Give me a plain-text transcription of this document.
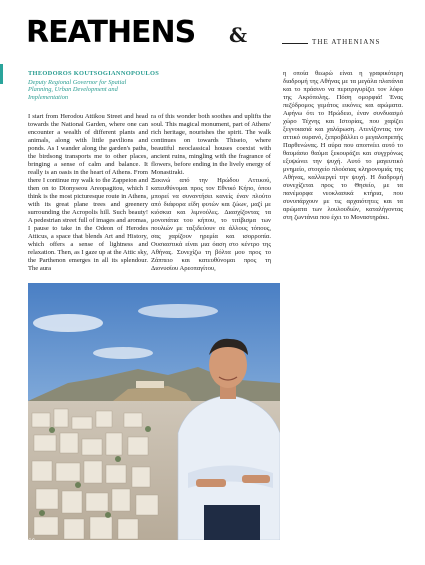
REATHENS &	THE ATHENIANS
THEODOROS KOUTSOGIANNOPOULOS
Deputy Regional Governor for Spatial Planning, Urban Development and Implementation
I start from Herodou Attikou Street and head towards the National Garden, where one can encounter a wealth of different plants and animals, along with little pavilions and ponds. As I wander along the garden's paths, the birdsong transports me to other places, bringing a sense of calm and balance. It really is an oasis in the heart of Athens. From there I continue my walk to the Zappeion and then on to Dionyseou Areopagitou, which I think is the most picturesque route in Athens, with its great plane trees and greenery surrounding the Acropolis hill. Such beauty! A pedestrian street full of images and aromas, I pause to take in the Odeon of Herodes Atticus, a space that blends Art and History, which offers a sense of lightness and relaxation. Then, as I gaze up at the Attic sky, the Parthenon emerges in all its splendour. The aura
ra of this wonder both soothes and uplifts the soul. This magical monument, part of Athens' rich heritage, nourishes the spirit. The walk continues on towards Thiseio, where beautiful neoclassical houses coexist with ancient ruins, mingling with the fragrance of flowers, before ending in the lively energy of Monastiraki.
Ξεκινώ από την Ηρώδου Αττικού, κατευθύνομαι προς τον Εθνικό Κήπο, όπου μπορεί να συναντήσει κανείς έναν πλούτο από διάφορα είδη φυτών και ζώων, μαζί με κιόσκια και λιμνούλες. Διασχίζοντας τα μονοπάτια του κήπου, το τιτίβισμα των πουλιών με ταξιδεύουν σε άλλους τόπους, σας χαρίζουν ηρεμία και ισορροπία. Ουσιαστικά είναι μια όαση στο κέντρο της Αθήνας. Συνεχίζω τη βόλτα μου προς το Ζάππειο και κατευθύνομαι προς τη Διονυσίου Αρεοπαγίτου,
η οποία θεωρώ είναι η γραφικότερη διαδρομή της Αθήνας με τα μεγάλα πλατάνια και το πράσινο να περιτριγυρίζει τον λόφο της Ακρόπολης. Πόση ομορφιά! Ένας πεζόδρομος γεμάτος εικόνες και αρώματα. Αφήνω ότι το Ηρώδειο, έναν συνδυασμό χώρο Τέχνης και Ιστορίας, που χαρίζει ξεγνοιασιά και χαλάρωση. Ατενίζοντας τον αττικό ουρανό, ξεπροβάλλει ο μεγαλοπρεπής Παρθενώνας. Η αύρα που αποπνέει αυτό το θαυμάσιο θαύμα ξεκουράζει και συγχρόνως εξυψώνει την ψυχή. Αυτό το μαγευτικό μνημείο, στοιχείο πλούσιας κληρονομιάς της Αθήνας, καλλιεργεί την ψυχή. Η διαδρομή συνεχίζεται προς το Θησείο, με τα πανέμορφα νεοκλασικά κτήρια, που συνυπάρχουν με τις αρχαιότητες και τα αρώματα των λουλουδιών, καταλήγοντας στη ζωντάνια που έχει το Μοναστηράκι.
66
